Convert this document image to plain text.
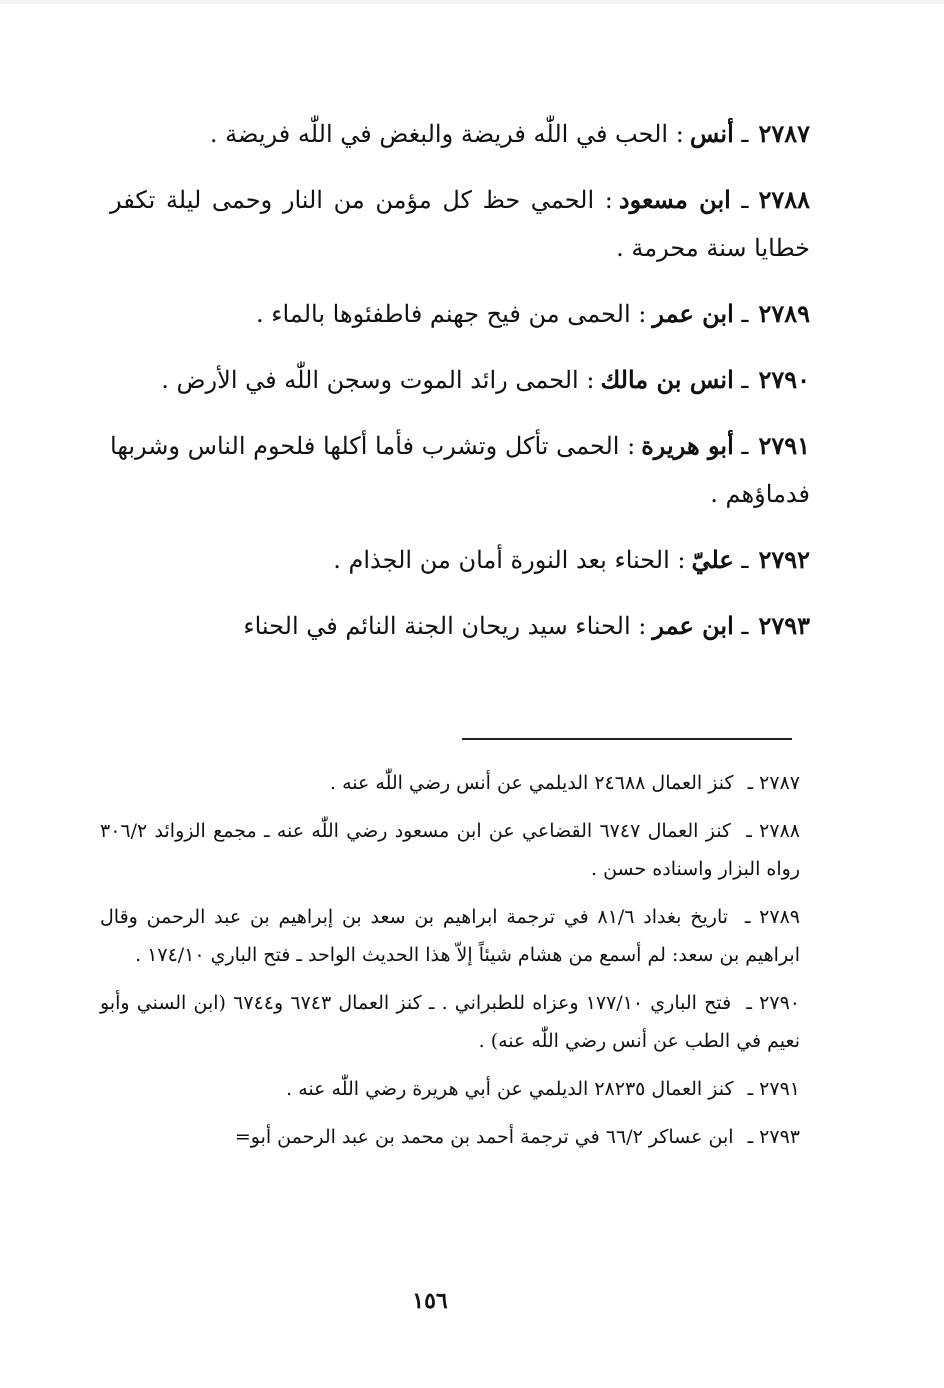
٢٧٨٧ـ أنس: الحب في اللّٰه فريضة والبغض في اللّٰه فريضة .

٢٧٨٨ـ ابن مسعود: الحمي حظ كل مؤمن من النار وحمى ليلة تكفر خطايا سنة محرمة .

٢٧٨٩ـ ابن عمر: الحمى من فيح جهنم فاطفئوها بالماء .

٢٧٩٠ـ انس بن مالك: الحمى رائد الموت وسجن اللّٰه في الأرض .

٢٧٩١ـ أبو هريرة: الحمى تأكل وتشرب فأما أكلها فلحوم الناس وشربها فدماؤهم .

٢٧٩٢ـ عليّ: الحناء بعد النورة أمان من الجذام .

٢٧٩٣ـ ابن عمر: الحناء سيد ريحان الجنة النائم في الحناء

٢٧٨٧ ـ كنز العمال ٢٤٦٨٨ الديلمي عن أنس رضي اللّٰه عنه .

٢٧٨٨ ـ كنز العمال ٦٧٤٧ القضاعي عن ابن مسعود رضي اللّٰه عنه ـ مجمع الزوائد ٣٠٦/٢ رواه البزار واسناده حسن .

٢٧٨٩ ـ تاريخ بغداد ٨١/٦ في ترجمة ابراهيم بن سعد بن إبراهيم بن عبد الرحمن وقال ابراهيم بن سعد: لم أسمع من هشام شيئاً إلاّ هذا الحديث الواحد ـ فتح الباري ١٧٤/١٠ .

٢٧٩٠ ـ فتح الباري ١٧٧/١٠ وعزاه للطبراني . ـ كنز العمال ٦٧٤٣ و٦٧٤٤ (ابن السني وأبو نعيم في الطب عن أنس رضي اللّٰه عنه) .

٢٧٩١ ـ كنز العمال ٢٨٢٣٥ الديلمي عن أبي هريرة رضي اللّٰه عنه .

٢٧٩٣ ـ ابن عساكر ٦٦/٢ في ترجمة أحمد بن محمد بن عبد الرحمن أبو=

١٥٦
